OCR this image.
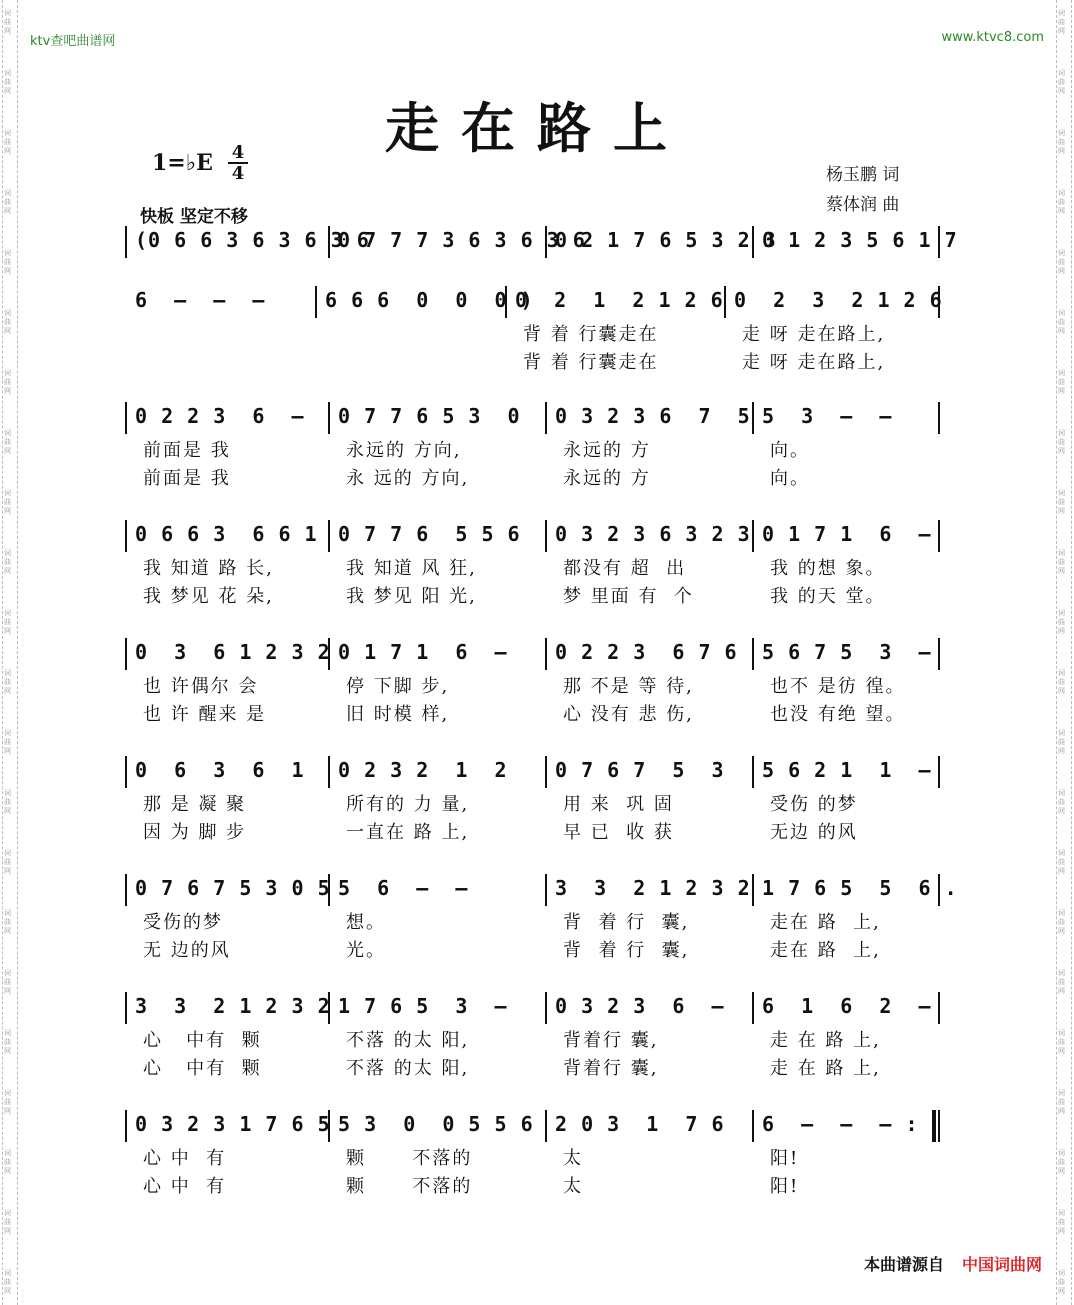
词
曲
网
词
曲
网
词
曲
网
词
曲
网
词
曲
网
词
曲
网
词
曲
网
词
曲
网
词
曲
网
词
曲
网
词
曲
网
词
曲
网
词
曲
网
词
曲
网
词
曲
网
词
曲
网
词
曲
网
词
曲
网
词
曲
网
词
曲
网
词
曲
网
词
曲
网
词
曲
网
词
曲
网
词
曲
网
词
曲
网
词
曲
网
词
曲
网
词
曲
网
词
曲
网
词
曲
网
词
曲
网
词
曲
网
词
曲
网
词
曲
网
词
曲
网
词
曲
网
词
曲
网
词
曲
网
词
曲
网
词
曲
网
词
曲
网
词
曲
网
词
曲
网
ktv查吧曲谱网	www.ktvc8.com
走在路上
1=♭E 4
4
快板 坚定不移
杨玉鹏 词
蔡体润 曲
(0 6 6 3 6 3 6 3 6
0 7 7 7 3 6 3 6 3 6
0 2 1 7 6 5 3 2 3
0 1 2 3 5 6 1 7
6  –  –  –	6 6 6  0  0  0 )
0  2  1  2 1 2 6
背 着 行囊走在
背 着 行囊走在
0  2  3  2 1 2 6
走 呀 走在路上,
走 呀 走在路上,
0 2 2 3  6  –
前面是 我
前面是 我
0 7 7 6 5 3  0
永远的 方向,
永 远的 方向,
0 3 2 3 6  7  5
永远的 方
永远的 方
5  3  –  –
向。
向。
0 6 6 3  6 6 1
我 知道 路 长,
我 梦见 花 朵,
0 7 7 6  5 5 6
我 知道 风 狂,
我 梦见 阳 光,
0 3 2 3 6 3 2 3
都没有 超  出
梦 里面 有  个
0 1 7 1  6  –
我 的想 象。
我 的天 堂。
0  3  6 1 2 3 2
也 许偶尔 会
也 许 醒来 是
0 1 7 1  6  –
停 下脚 步,
旧 时模 样,
0 2 2 3  6 7 6
那 不是 等 待,
心 没有 悲 伤,
5 6 7 5  3  –
也不 是彷 徨。
也没 有绝 望。
0  6  3  6  1
那 是 凝 聚
因 为 脚 步
0 2 3 2  1  2
所有的 力 量,
一直在 路 上,
0 7 6 7  5  3
用 来  巩 固
早 已  收 获
5 6 2 1  1  –
受伤 的梦
无边 的风
0 7 6 7 5 3 0 5
受伤的梦
无 边的风
5  6  –  –
想。
光。
3  3  2 1 2 3 2
背  着 行  囊,
背  着 行  囊,
1 7 6 5  5  6 .
走在 路  上,
走在 路  上,
3  3  2 1 2 3 2
心   中有  颗
心   中有  颗
1 7 6 5  3  –
不落 的太 阳,
不落 的太 阳,
0 3 2 3  6  –
背着行 囊,
背着行 囊,
6  1  6  2  –
走 在 路 上,
走 在 路 上,
0 3 2 3 1 7 6 5
心 中  有
心 中  有
5 3  0  0 5 5 6
颗      不落的
颗      不落的
2 0 3  1  7 6
太
太
6  –  –  – :
阳!
阳!
本曲谱源自 中国词曲网
